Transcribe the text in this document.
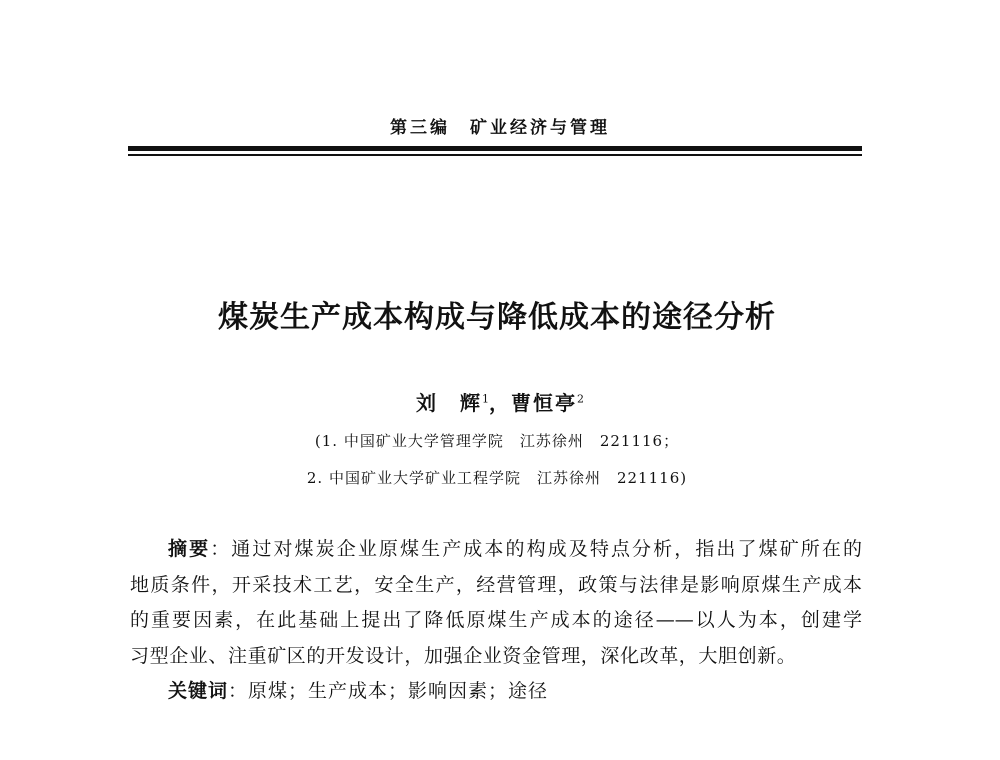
第三编　矿业经济与管理
煤炭生产成本构成与降低成本的途径分析
刘　辉$^1$，曹恒亭$^2$
(1. 中国矿业大学管理学院　江苏徐州　221116；
2. 中国矿业大学矿业工程学院　江苏徐州　221116)
摘要：通过对煤炭企业原煤生产成本的构成及特点分析，指出了煤矿所在的
地质条件，开采技术工艺，安全生产，经营管理，政策与法律是影响原煤生产成本
的重要因素，在此基础上提出了降低原煤生产成本的途径——以人为本，创建学
习型企业、注重矿区的开发设计，加强企业资金管理，深化改革，大胆创新。
关键词：原煤；生产成本；影响因素；途径
